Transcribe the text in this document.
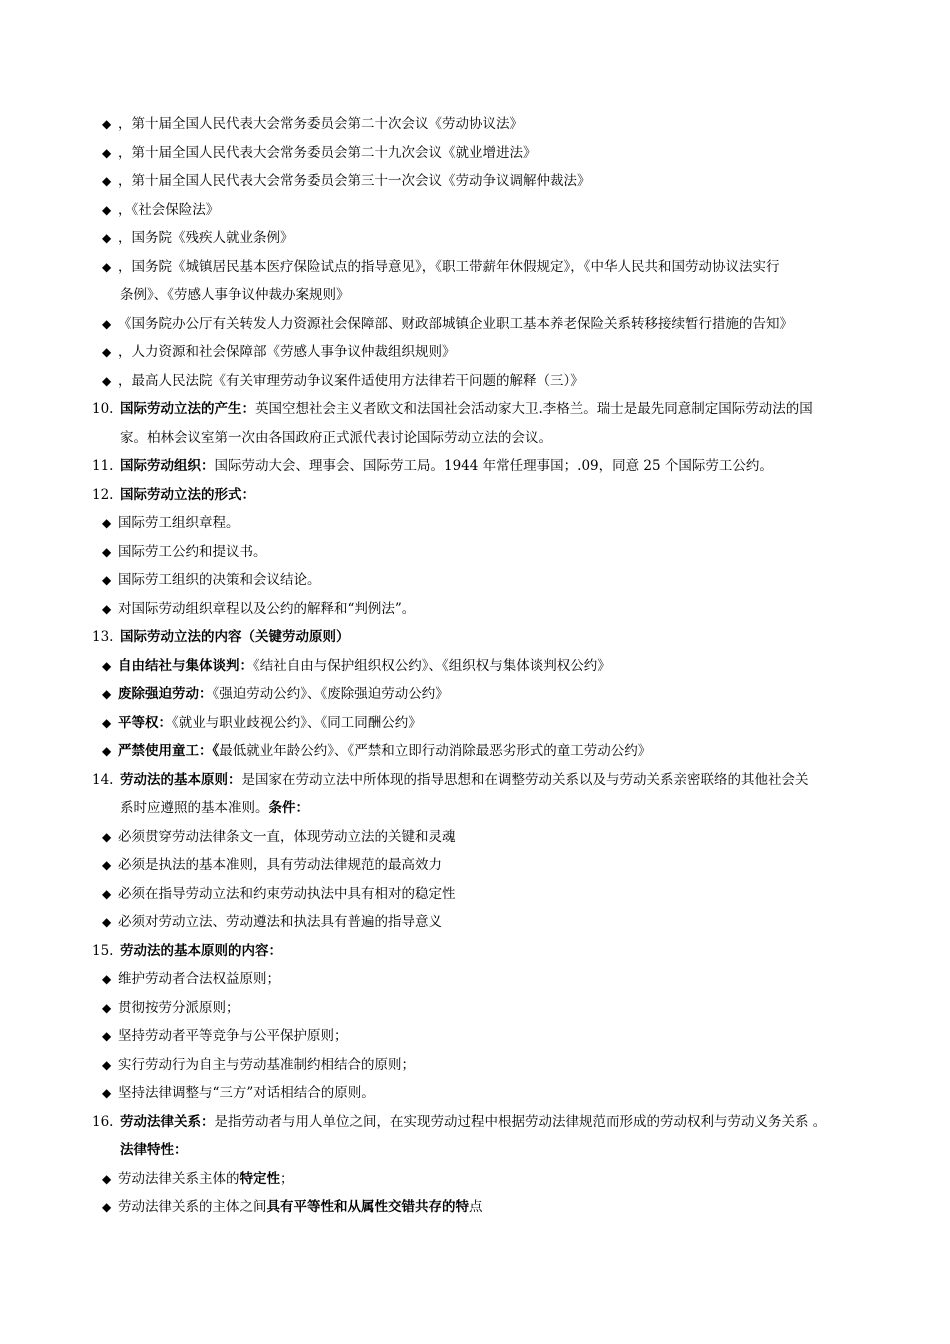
◆ ，第十届全国人民代表大会常务委员会第二十次会议《劳动协议法》
◆ ，第十届全国人民代表大会常务委员会第二十九次会议《就业增进法》
◆ ，第十届全国人民代表大会常务委员会第三十一次会议《劳动争议调解仲裁法》
◆ ，《社会保险法》
◆ ，国务院《残疾人就业条例》
◆ ，国务院《城镇居民基本医疗保险试点的指导意见》，《职工带薪年休假规定》，《中华人民共和国劳动协议法实行
条例》、《劳感人事争议仲裁办案规则》
◆ 《国务院办公厅有关转发人力资源社会保障部、财政部城镇企业职工基本养老保险关系转移接续暂行措施的告知》
◆ ，人力资源和社会保障部《劳感人事争议仲裁组织规则》
◆ ，最高人民法院《有关审理劳动争议案件适使用方法律若干问题的解释（三）》
10. 国际劳动立法的产生：英国空想社会主义者欧文和法国社会活动家大卫.李格兰。瑞士是最先同意制定国际劳动法的国
家。柏林会议室第一次由各国政府正式派代表讨论国际劳动立法的会议。
11. 国际劳动组织：国际劳动大会、理事会、国际劳工局。1944 年常任理事国；.09，同意 25 个国际劳工公约。
12. 国际劳动立法的形式：
◆ 国际劳工组织章程。
◆ 国际劳工公约和提议书。
◆ 国际劳工组织的决策和会议结论。
◆ 对国际劳动组织章程以及公约的解释和“判例法”。
13. 国际劳动立法的内容（关键劳动原则）
◆ 自由结社与集体谈判：《结社自由与保护组织权公约》、《组织权与集体谈判权公约》
◆ 废除强迫劳动：《强迫劳动公约》、《废除强迫劳动公约》
◆ 平等权：《就业与职业歧视公约》、《同工同酬公约》
◆ 严禁使用童工：《最低就业年龄公约》、《严禁和立即行动消除最恶劣形式的童工劳动公约》
14. 劳动法的基本原则：是国家在劳动立法中所体现的指导思想和在调整劳动关系以及与劳动关系亲密联络的其他社会关
系时应遵照的基本准则。条件：
◆ 必须贯穿劳动法律条文一直，体现劳动立法的关键和灵魂
◆ 必须是执法的基本准则，具有劳动法律规范的最高效力
◆ 必须在指导劳动立法和约束劳动执法中具有相对的稳定性
◆ 必须对劳动立法、劳动遵法和执法具有普遍的指导意义
15. 劳动法的基本原则的内容：
◆ 维护劳动者合法权益原则；
◆ 贯彻按劳分派原则；
◆ 坚持劳动者平等竞争与公平保护原则；
◆ 实行劳动行为自主与劳动基准制约相结合的原则；
◆ 坚持法律调整与“三方”对话相结合的原则。
16. 劳动法律关系：是指劳动者与用人单位之间，在实现劳动过程中根据劳动法律规范而形成的劳动权利与劳动义务关系 。
法律特性：
◆ 劳动法律关系主体的特定性；
◆ 劳动法律关系的主体之间具有平等性和从属性交错共存的特点
